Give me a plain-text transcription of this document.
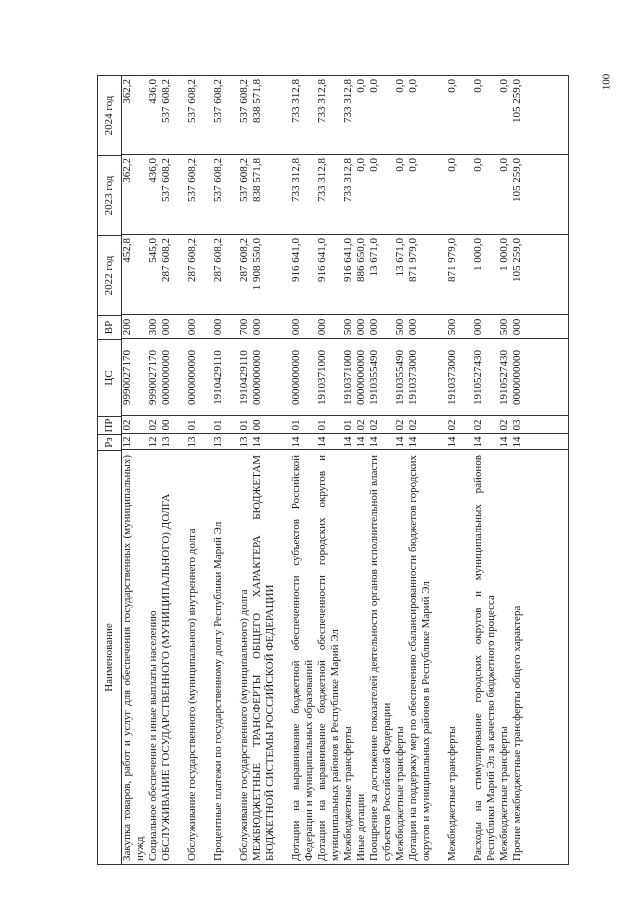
100
Наименование
Рз
ПР
ЦС
ВР
2022 год
2023 год
2024 год
Закупка товаров, работ и услуг для обеспечения государственных (муниципальных) нужд
12
02
9990027170
200
452,8
362,2
362,2
Социальное обеспечение и иные выплаты населению
12
02
9990027170
300
545,0
436,0
436,0
ОБСЛУЖИВАНИЕ ГОСУДАРСТВЕННОГО (МУНИЦИПАЛЬНОГО) ДОЛГА
13
00
0000000000
000
287 608,2
537 608,2
537 608,2
Обслуживание государственного (муниципального) внутреннего долга
13
01
0000000000
000
287 608,2
537 608,2
537 608,2
Процентные платежи по государственному долгу Республики Марий Эл
13
01
1910429110
000
287 608,2
537 608,2
537 608,2
Обслуживание государственного (муниципального) долга
13
01
1910429110
700
287 608,2
537 608,2
537 608,2
МЕЖБЮДЖЕТНЫЕ ТРАНСФЕРТЫ ОБЩЕГО ХАРАКТЕРА БЮДЖЕТАМ БЮДЖЕТНОЙ СИСТЕМЫ РОССИЙСКОЙ ФЕДЕРАЦИИ
14
00
0000000000
000
1 908 550,0
838 571,8
838 571,8
Дотации на выравнивание бюджетной обеспеченности субъектов Российской Федерации и муниципальных образований
14
01
0000000000
000
916 641,0
733 312,8
733 312,8
Дотации на выравнивание бюджетной обеспеченности городских округов и муниципальных районов в Республике Марий Эл
14
01
1910371000
000
916 641,0
733 312,8
733 312,8
Межбюджетные трансферты
14
01
1910371000
500
916 641,0
733 312,8
733 312,8
Иные дотации
14
02
0000000000
000
886 650,0
0,0
0,0
Поощрение за достижение показателей деятельности органов исполнительной власти субъектов Российской Федерации
14
02
1910355490
000
13 671,0
0,0
0,0
Межбюджетные трансферты
14
02
1910355490
500
13 671,0
0,0
0,0
Дотации на поддержку мер по обеспечению сбалансированности бюджетов городских округов и муниципальных районов в Республике Марий Эл
14
02
1910373000
000
871 979,0
0,0
0,0
Межбюджетные трансферты
14
02
1910373000
500
871 979,0
0,0
0,0
Расходы на стимулирование городских округов и муниципальных районов Республики Марий Эл за качество бюджетного процесса
14
02
1910527430
000
1 000,0
0,0
0,0
Межбюджетные трансферты
14
02
1910527430
500
1 000,0
0,0
0,0
Прочие межбюджетные трансферты общего характера
14
03
0000000000
000
105 259,0
105 259,0
105 259,0
